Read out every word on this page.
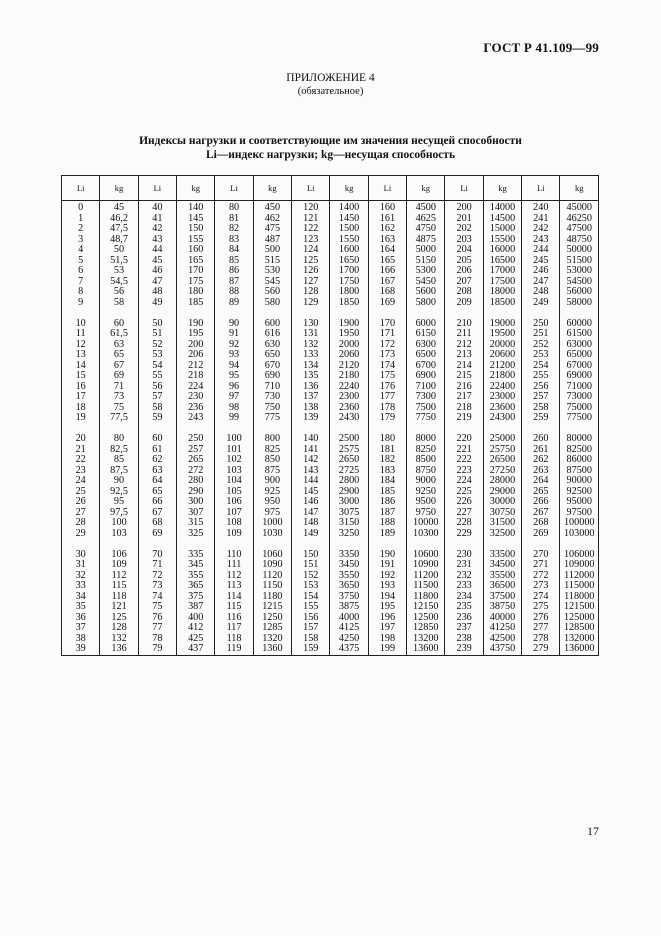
ГОСТ Р 41.109—99
ПРИЛОЖЕНИЕ 4
(обязательное)
Индексы нагрузки и соответствующие им значения несущей способности
Li—индекс нагрузки; kg—несущая способность
Li	kg	Li	kg	Li	kg	Li	kg	Li	kg	Li	kg	Li	kg
0	45	40	140	80	450	120	1400	160	4500	200	14000	240	45000
1	46,2	41	145	81	462	121	1450	161	4625	201	14500	241	46250
2	47,5	42	150	82	475	122	1500	162	4750	202	15000	242	47500
3	48,7	43	155	83	487	123	1550	163	4875	203	15500	243	48750
4	50	44	160	84	500	124	1600	164	5000	204	16000	244	50000
5	51,5	45	165	85	515	125	1650	165	5150	205	16500	245	51500
6	53	46	170	86	530	126	1700	166	5300	206	17000	246	53000
7	54,5	47	175	87	545	127	1750	167	5450	207	17500	247	54500
8	56	48	180	88	560	128	1800	168	5600	208	18000	248	56000
9	58	49	185	89	580	129	1850	169	5800	209	18500	249	58000

10	60	50	190	90	600	130	1900	170	6000	210	19000	250	60000
11	61,5	51	195	91	616	131	1950	171	6150	211	19500	251	61500
12	63	52	200	92	630	132	2000	172	6300	212	20000	252	63000
13	65	53	206	93	650	133	2060	173	6500	213	20600	253	65000
14	67	54	212	94	670	134	2120	174	6700	214	21200	254	67000
15	69	55	218	95	690	135	2180	175	6900	215	21800	255	69000
16	71	56	224	96	710	136	2240	176	7100	216	22400	256	71000
17	73	57	230	97	730	137	2300	177	7300	217	23000	257	73000
18	75	58	236	98	750	138	2360	178	7500	218	23600	258	75000
19	77,5	59	243	99	775	139	2430	179	7750	219	24300	259	77500

20	80	60	250	100	800	140	2500	180	8000	220	25000	260	80000
21	82,5	61	257	101	825	141	2575	181	8250	221	25750	261	82500
22	85	62	265	102	850	142	2650	182	8500	222	26500	262	86000
23	87,5	63	272	103	875	143	2725	183	8750	223	27250	263	87500
24	90	64	280	104	900	144	2800	184	9000	224	28000	264	90000
25	92,5	65	290	105	925	145	2900	185	9250	225	29000	265	92500
26	95	66	300	106	950	146	3000	186	9500	226	30000	266	95000
27	97,5	67	307	107	975	147	3075	187	9750	227	30750	267	97500
28	100	68	315	108	1000	148	3150	188	10000	228	31500	268	100000
29	103	69	325	109	1030	149	3250	189	10300	229	32500	269	103000

30	106	70	335	110	1060	150	3350	190	10600	230	33500	270	106000
31	109	71	345	111	1090	151	3450	191	10900	231	34500	271	109000
32	112	72	355	112	1120	152	3550	192	11200	232	35500	272	112000
33	115	73	365	113	1150	153	3650	193	11500	233	36500	273	115000
34	118	74	375	114	1180	154	3750	194	11800	234	37500	274	118000
35	121	75	387	115	1215	155	3875	195	12150	235	38750	275	121500
36	125	76	400	116	1250	156	4000	196	12500	236	40000	276	125000
37	128	77	412	117	1285	157	4125	197	12850	237	41250	277	128500
38	132	78	425	118	1320	158	4250	198	13200	238	42500	278	132000
39	136	79	437	119	1360	159	4375	199	13600	239	43750	279	136000
17
